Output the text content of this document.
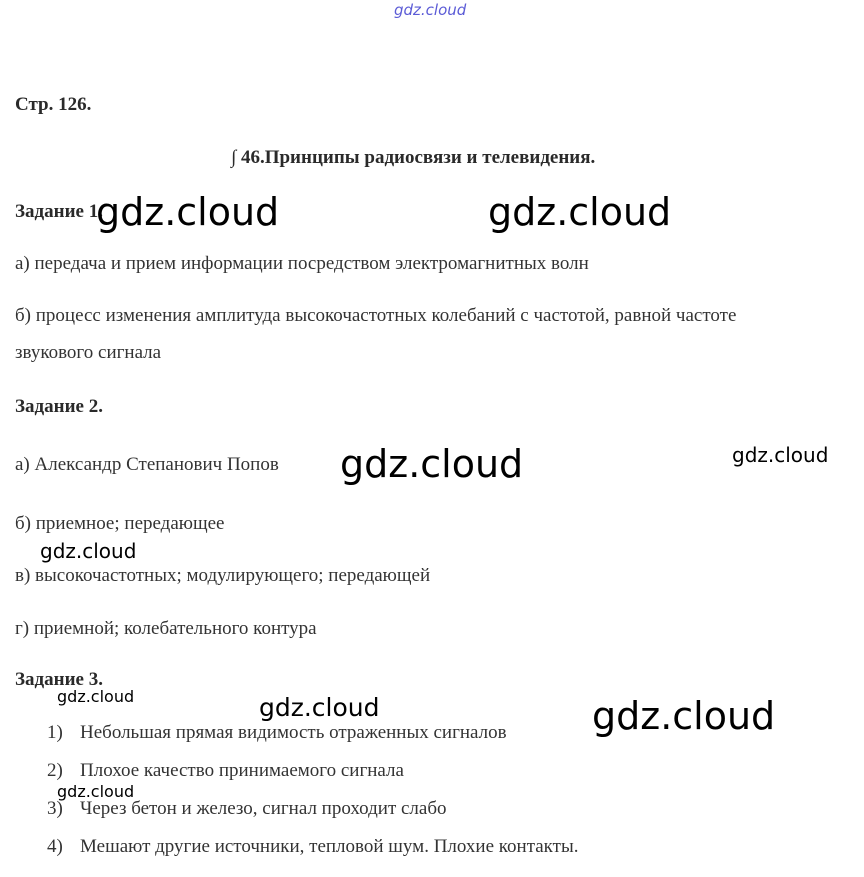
gdz.cloud
Стр. 126.
∫ 46.Принципы радиосвязи и телевидения.
Задание 1.
а) передача и прием информации посредством электромагнитных волн
б) процесс изменения амплитуда высокочастотных колебаний с частотой, равной частоте
звукового сигнала
Задание 2.
а) Александр Степанович Попов
б) приемное; передающее
в) высокочастотных; модулирующего; передающей
г) приемной; колебательного контура
Задание 3.
1) Небольшая прямая видимость отраженных сигналов
2) Плохое качество принимаемого сигнала
3) Через бетон и железо, сигнал проходит слабо
4) Мешают другие источники, тепловой шум. Плохие контакты.
gdz.cloud	gdz.cloud
gdz.cloud	gdz.cloud
gdz.cloud
gdz.cloud	gdz.cloud	gdz.cloud
gdz.cloud
